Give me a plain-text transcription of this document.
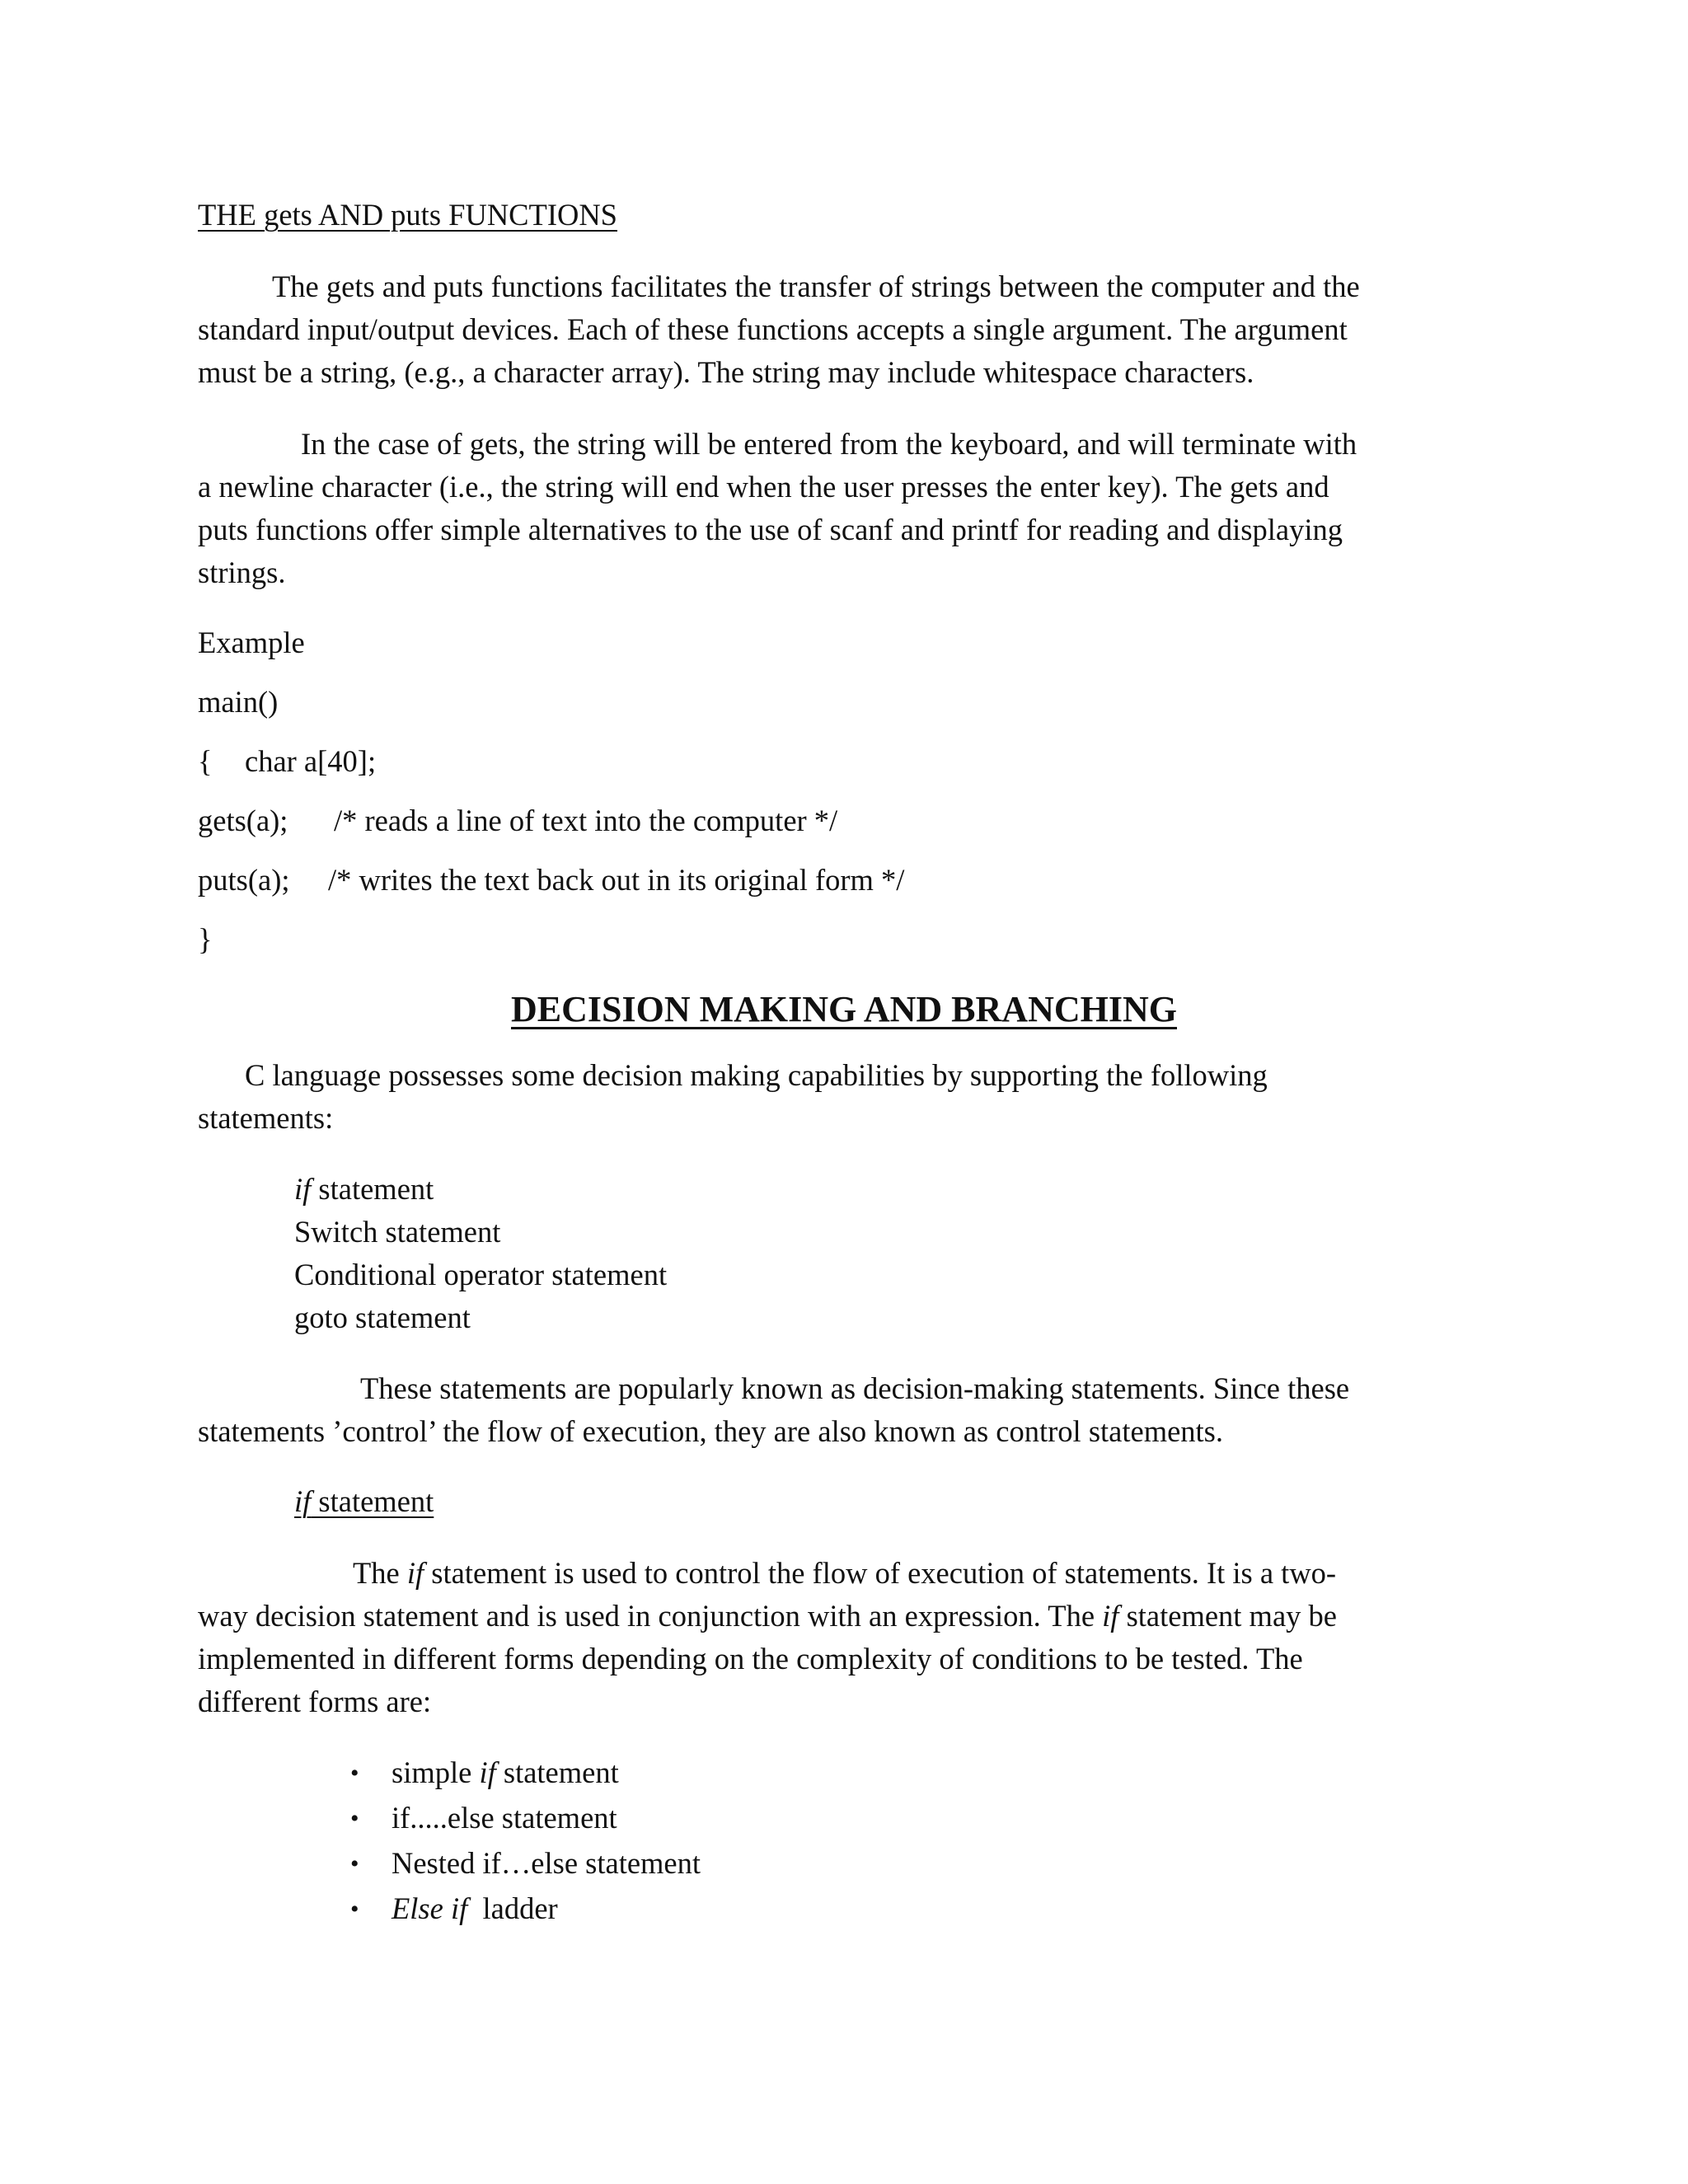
THE gets AND puts FUNCTIONS
The gets and puts functions facilitates the transfer of strings between the computer and the
standard input/output devices. Each of these functions accepts a single argument. The argument
must be a string, (e.g., a character array). The string may include whitespace characters.
In the case of gets, the string will be entered from the keyboard, and will terminate with
a newline character (i.e., the string will end when the user presses the enter key). The gets and
puts functions offer simple alternatives to the use of scanf and printf for reading and displaying
strings.
Example
main()
{ char a[40];
gets(a); /* reads a line of text into the computer */
puts(a); /* writes the text back out in its original form */
}
DECISION MAKING AND BRANCHING
C language possesses some decision making capabilities by supporting the following
statements:
if statement
Switch statement
Conditional operator statement
goto statement
These statements are popularly known as decision-making statements. Since these
statements ’control’ the flow of execution, they are also known as control statements.
if statement
The if statement is used to control the flow of execution of statements. It is a two-
way decision statement and is used in conjunction with an expression. The if statement may be
implemented in different forms depending on the complexity of conditions to be tested. The
different forms are:
• simple if statement
• if.....else statement
• Nested if…else statement
• Else if  ladder
